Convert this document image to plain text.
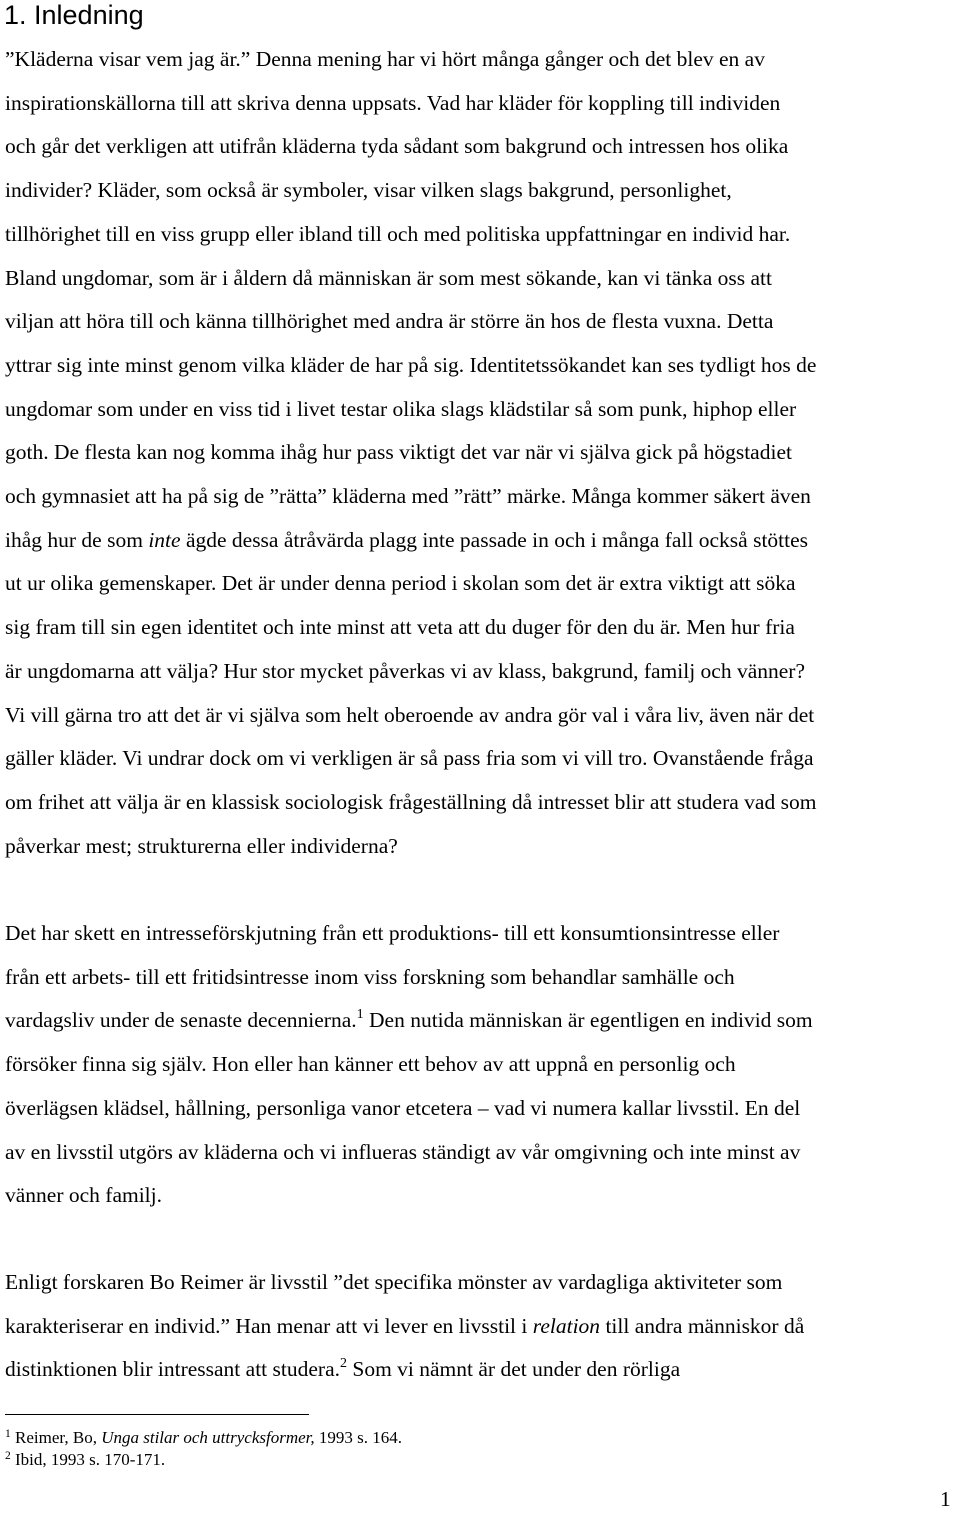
1. Inledning
”Kläderna visar vem jag är.” Denna mening har vi hört många gånger och det blev en av
inspirationskällorna till att skriva denna uppsats. Vad har kläder för koppling till individen
och går det verkligen att utifrån kläderna tyda sådant som bakgrund och intressen hos olika
individer? Kläder, som också är symboler, visar vilken slags bakgrund, personlighet,
tillhörighet till en viss grupp eller ibland till och med politiska uppfattningar en individ har.
Bland ungdomar, som är i åldern då människan är som mest sökande, kan vi tänka oss att
viljan att höra till och känna tillhörighet med andra är större än hos de flesta vuxna. Detta
yttrar sig inte minst genom vilka kläder de har på sig. Identitetssökandet kan ses tydligt hos de
ungdomar som under en viss tid i livet testar olika slags klädstilar så som punk, hiphop eller
goth. De flesta kan nog komma ihåg hur pass viktigt det var när vi själva gick på högstadiet
och gymnasiet att ha på sig de ”rätta” kläderna med ”rätt” märke. Många kommer säkert även
ihåg hur de som inte ägde dessa åtråvärda plagg inte passade in och i många fall också stöttes
ut ur olika gemenskaper. Det är under denna period i skolan som det är extra viktigt att söka
sig fram till sin egen identitet och inte minst att veta att du duger för den du är. Men hur fria
är ungdomarna att välja? Hur stor mycket påverkas vi av klass, bakgrund, familj och vänner?
Vi vill gärna tro att det är vi själva som helt oberoende av andra gör val i våra liv, även när det
gäller kläder. Vi undrar dock om vi verkligen är så pass fria som vi vill tro. Ovanstående fråga
om frihet att välja är en klassisk sociologisk frågeställning då intresset blir att studera vad som
påverkar mest; strukturerna eller individerna?
Det har skett en intresseförskjutning från ett produktions- till ett konsumtionsintresse eller
från ett arbets- till ett fritidsintresse inom viss forskning som behandlar samhälle och
vardagsliv under de senaste decennierna.$^1$ Den nutida människan är egentligen en individ som
försöker finna sig själv. Hon eller han känner ett behov av att uppnå en personlig och
överlägsen klädsel, hållning, personliga vanor etcetera – vad vi numera kallar livsstil. En del
av en livsstil utgörs av kläderna och vi influeras ständigt av vår omgivning och inte minst av
vänner och familj.
Enligt forskaren Bo Reimer är livsstil ”det specifika mönster av vardagliga aktiviteter som
karakteriserar en individ.” Han menar att vi lever en livsstil i relation till andra människor då
distinktionen blir intressant att studera.$^2$ Som vi nämnt är det under den rörliga
$^1$ Reimer, Bo, Unga stilar och uttrycksformer, 1993 s. 164.
$^2$ Ibid, 1993 s. 170-171.
1
